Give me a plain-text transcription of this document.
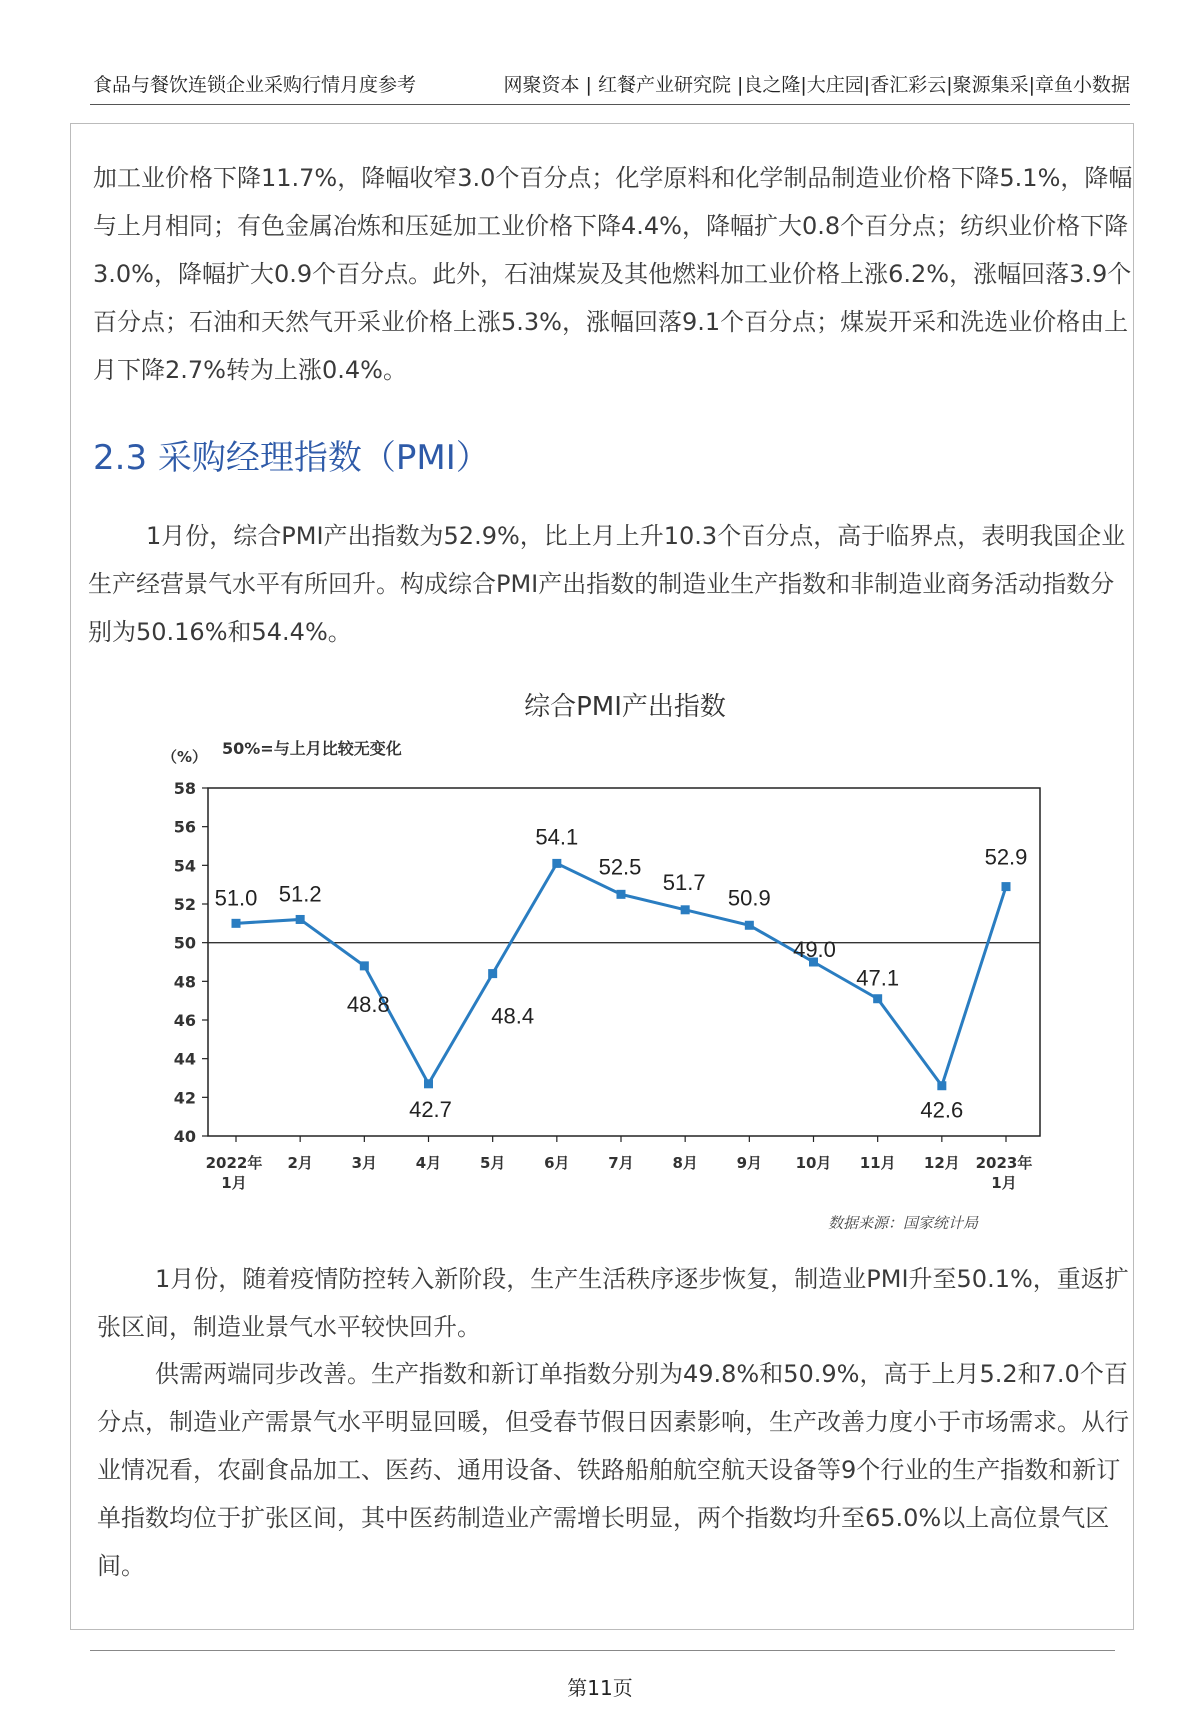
食品与餐饮连锁企业采购行情月度参考	网聚资本 | 红餐产业研究院 |良之隆|大庄园|香汇彩云|聚源集采|章鱼小数据
加工业价格下降11.7%，降幅收窄3.0个百分点；化学原料和化学制品制造业价格下降5.1%，降幅与上月相同；有色金属冶炼和压延加工业价格下降4.4%，降幅扩大0.8个百分点；纺织业价格下降3.0%，降幅扩大0.9个百分点。此外，石油煤炭及其他燃料加工业价格上涨6.2%，涨幅回落3.9个百分点；石油和天然气开采业价格上涨5.3%，涨幅回落9.1个百分点；煤炭开采和洗选业价格由上月下降2.7%转为上涨0.4%。
2.3 采购经理指数（PMI）
1月份，综合PMI产出指数为52.9%，比上月上升10.3个百分点，高于临界点，表明我国企业生产经营景气水平有所回升。构成综合PMI产出指数的制造业生产指数和非制造业商务活动指数分别为50.16%和54.4%。
综合PMI产出指数
40
42
44
46
48
50
52
54
56
58
（%） 50%=与上月比较无变化
2022年
1月
2月	3月	4月	5月	6月	7月	8月	9月 10月 11月 12月 2023年
1月
51.0 51.2
48.8
42.7
48.4
54.1
52.5
51.7
50.9
49.0
47.1
42.6
52.9
数据来源：国家统计局
1月份，随着疫情防控转入新阶段，生产生活秩序逐步恢复，制造业PMI升至50.1%，重返扩张区间，制造业景气水平较快回升。
供需两端同步改善。生产指数和新订单指数分别为49.8%和50.9%，高于上月5.2和7.0个百分点，制造业产需景气水平明显回暖，但受春节假日因素影响，生产改善力度小于市场需求。从行业情况看，农副食品加工、医药、通用设备、铁路船舶航空航天设备等9个行业的生产指数和新订单指数均位于扩张区间，其中医药制造业产需增长明显，两个指数均升至65.0%以上高位景气区间。
第11页
